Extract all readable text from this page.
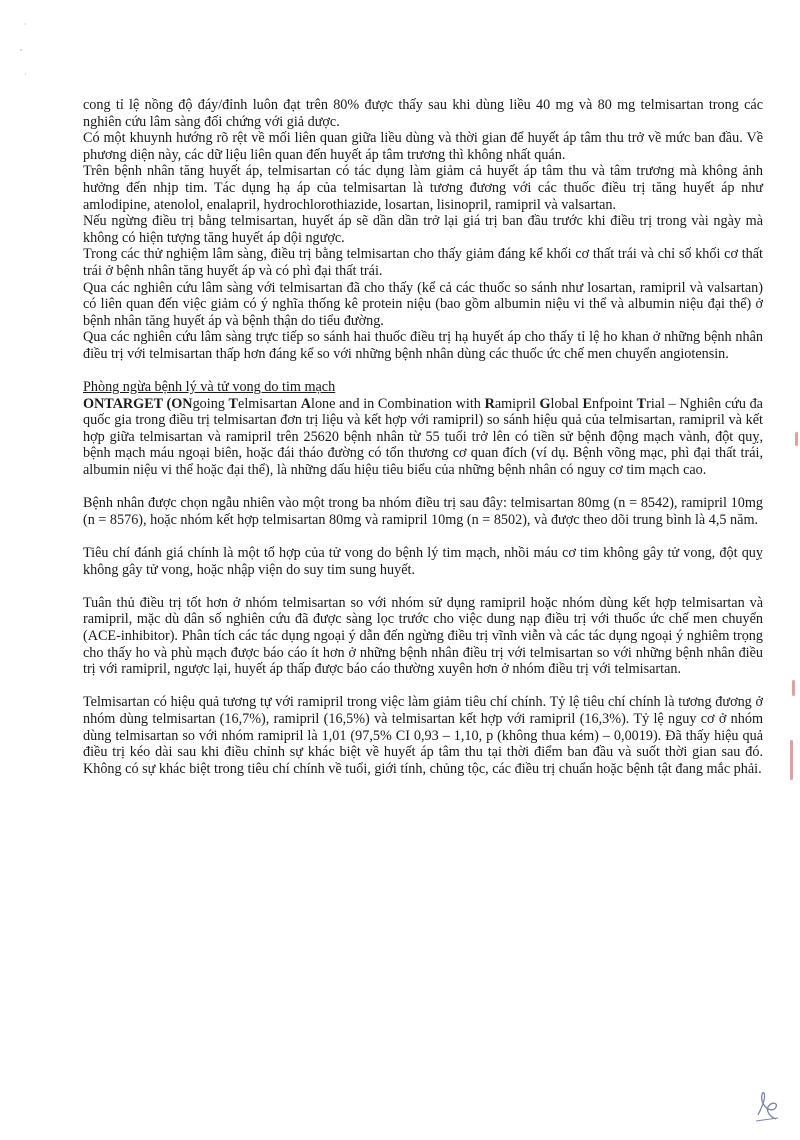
·
'
·

cong tỉ lệ nồng độ đáy/đỉnh luôn đạt trên 80% được thấy sau khi dùng liều 40 mg và 80 mg telmisartan trong các nghiên cứu lâm sàng đối chứng với giả dược.

Có một khuynh hướng rõ rệt về mối liên quan giữa liều dùng và thời gian để huyết áp tâm thu trở về mức ban đầu. Về phương diện này, các dữ liệu liên quan đến huyết áp tâm trương thì không nhất quán.

Trên bệnh nhân tăng huyết áp, telmisartan có tác dụng làm giảm cả huyết áp tâm thu và tâm trương mà không ảnh hưởng đến nhịp tim. Tác dụng hạ áp của telmisartan là tương đương với các thuốc điều trị tăng huyết áp như amlodipine, atenolol, enalapril, hydrochlorothiazide, losartan, lisinopril, ramipril và valsartan.

Nếu ngừng điều trị bằng telmisartan, huyết áp sẽ dần dần trở lại giá trị ban đầu trước khi điều trị trong vài ngày mà không có hiện tượng tăng huyết áp dội ngược.

Trong các thử nghiệm lâm sàng, điều trị bằng telmisartan cho thấy giảm đáng kể khối cơ thất trái và chỉ số khối cơ thất trái ở bệnh nhân tăng huyết áp và có phì đại thất trái.

Qua các nghiên cứu lâm sàng với telmisartan đã cho thấy (kể cả các thuốc so sánh như losartan, ramipril và valsartan) có liên quan đến việc giảm có ý nghĩa thống kê protein niệu (bao gồm albumin niệu vi thể và albumin niệu đại thể) ở bệnh nhân tăng huyết áp và bệnh thận do tiểu đường.

Qua các nghiên cứu lâm sàng trực tiếp so sánh hai thuốc điều trị hạ huyết áp cho thấy tỉ lệ ho khan ở những bệnh nhân điều trị với telmisartan thấp hơn đáng kể so với những bệnh nhân dùng các thuốc ức chế men chuyển angiotensin.

Phòng ngừa bệnh lý và tử vong do tim mạch

ONTARGET (ONgoing Telmisartan Alone and in Combination with Ramipril Global Enfpoint Trial – Nghiên cứu đa quốc gia trong điều trị telmisartan đơn trị liệu và kết hợp với ramipril) so sánh hiệu quả của telmisartan, ramipril và kết hợp giữa telmisartan và ramipril trên 25620 bệnh nhân từ 55 tuổi trở lên có tiền sử bệnh động mạch vành, đột quỵ, bệnh mạch máu ngoại biên, hoặc đái tháo đường có tổn thương cơ quan đích (ví dụ. Bệnh võng mạc, phì đại thất trái, albumin niệu vi thể hoặc đại thể), là những dấu hiệu tiêu biểu của những bệnh nhân có nguy cơ tim mạch cao.

Bệnh nhân được chọn ngẫu nhiên vào một trong ba nhóm điều trị sau đây: telmisartan 80mg (n = 8542), ramipril 10mg (n = 8576), hoặc nhóm kết hợp telmisartan 80mg và ramipril 10mg (n = 8502), và được theo dõi trung bình là 4,5 năm.

Tiêu chí đánh giá chính là một tổ hợp của tử vong do bệnh lý tim mạch, nhồi máu cơ tim không gây tử vong, đột quỵ không gây tử vong, hoặc nhập viện do suy tim sung huyết.

Tuân thủ điều trị tốt hơn ở nhóm telmisartan so với nhóm sử dụng ramipril hoặc nhóm dùng kết hợp telmisartan và ramipril, mặc dù dân số nghiên cứu đã được sàng lọc trước cho việc dung nạp điều trị với thuốc ức chế men chuyển (ACE-inhibitor). Phân tích các tác dụng ngoại ý dẫn đến ngừng điều trị vĩnh viễn và các tác dụng ngoại ý nghiêm trọng cho thấy ho và phù mạch được báo cáo ít hơn ở những bệnh nhân điều trị với telmisartan so với những bệnh nhân điều trị với ramipril, ngược lại, huyết áp thấp được báo cáo thường xuyên hơn ở nhóm điều trị với telmisartan.

Telmisartan có hiệu quả tương tự với ramipril trong việc làm giảm tiêu chí chính. Tỷ lệ tiêu chí chính là tương đương ở nhóm dùng telmisartan (16,7%), ramipril (16,5%) và telmisartan kết hợp với ramipril (16,3%). Tỷ lệ nguy cơ ở nhóm dùng telmisartan so với nhóm ramipril là 1,01 (97,5% CI 0,93 – 1,10, p (không thua kém) – 0,0019). Đã thấy hiệu quả điều trị kéo dài sau khi điều chỉnh sự khác biệt về huyết áp tâm thu tại thời điểm ban đầu và suốt thời gian sau đó. Không có sự khác biệt trong tiêu chí chính về tuổi, giới tính, chủng tộc, các điều trị chuẩn hoặc bệnh tật đang mắc phải.
